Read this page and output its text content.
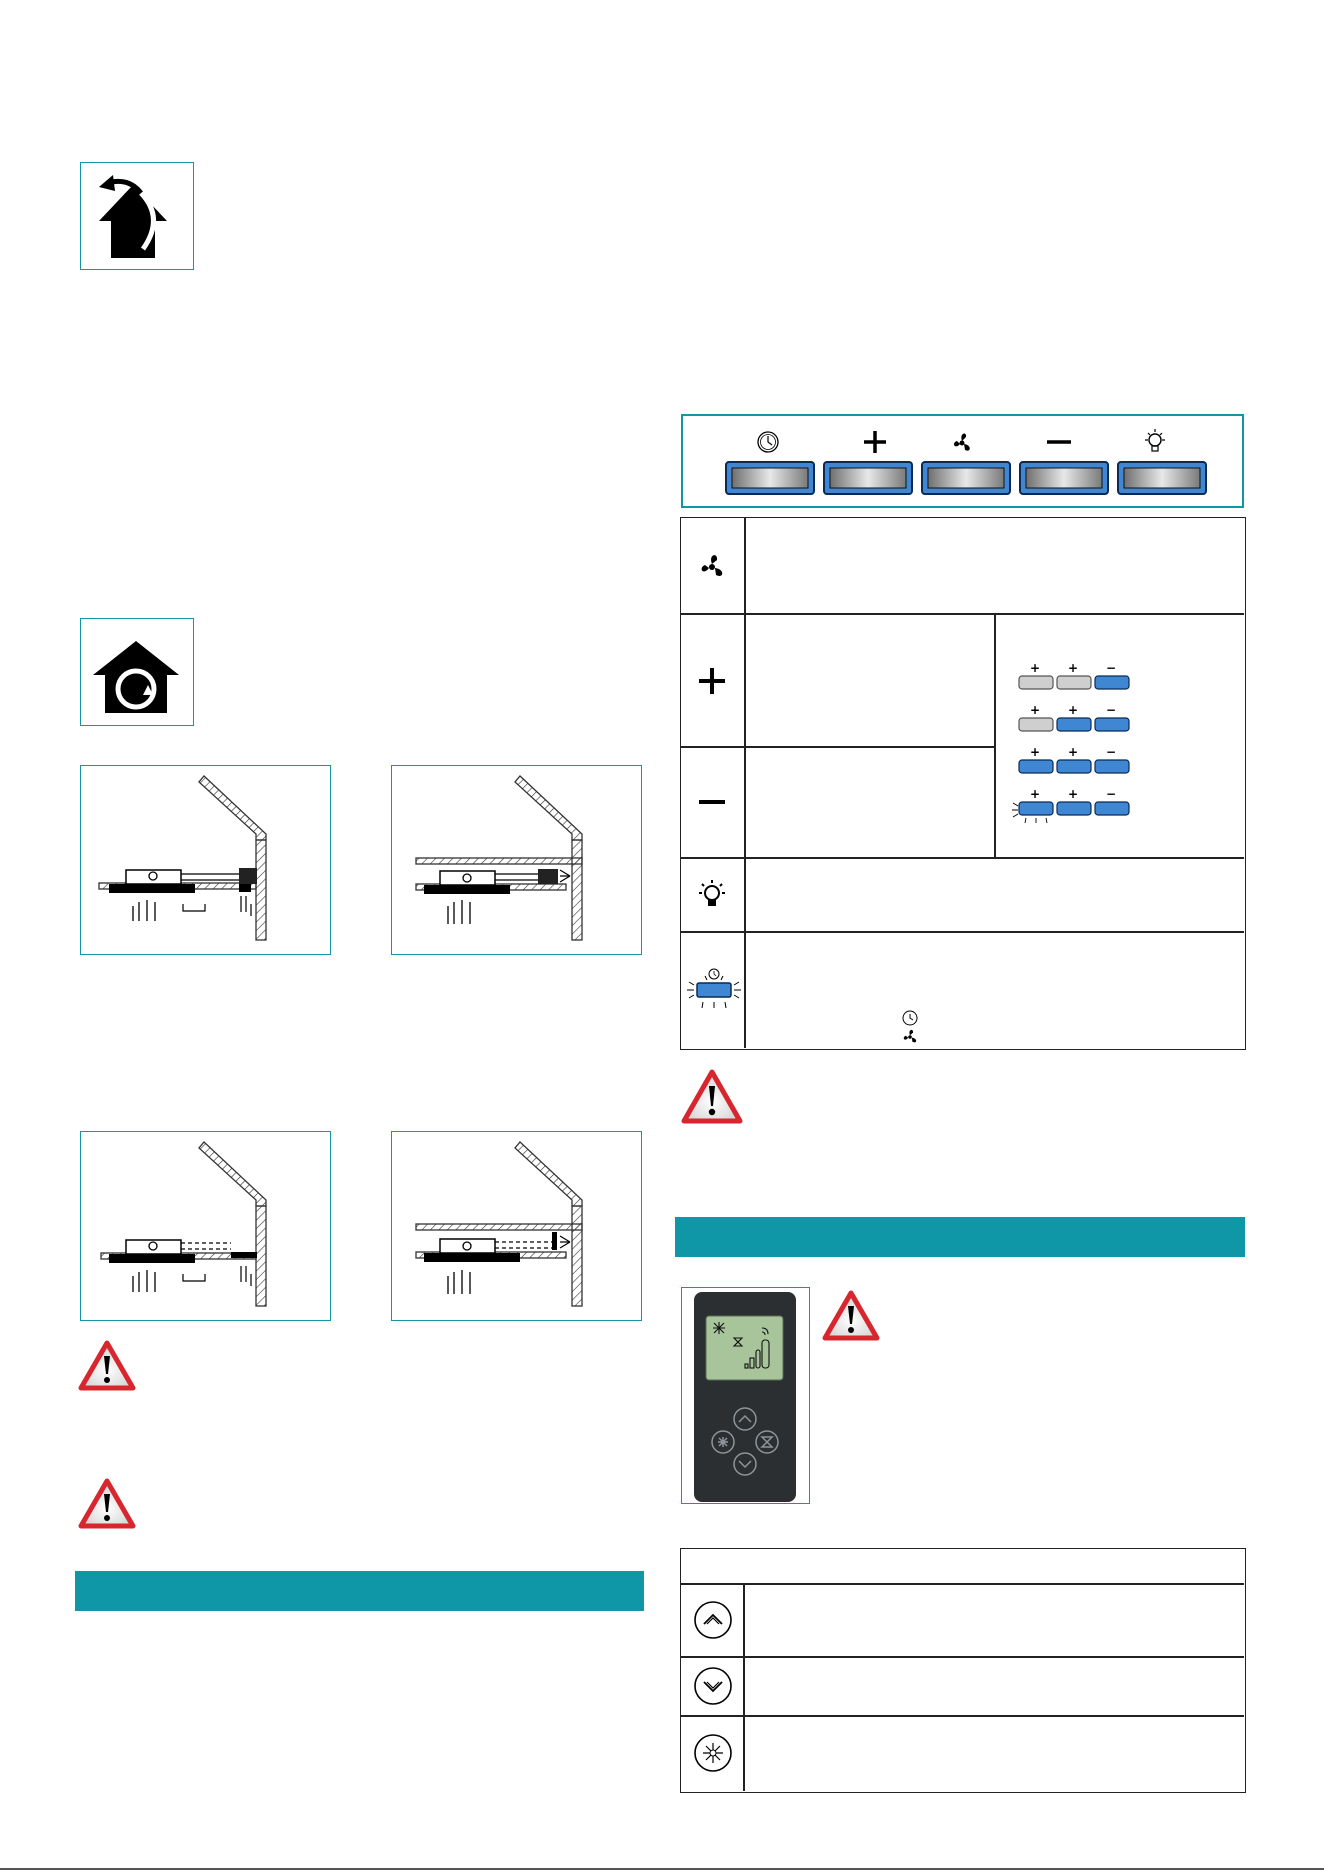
+ + −
+ + −
+ + −
+ + −
